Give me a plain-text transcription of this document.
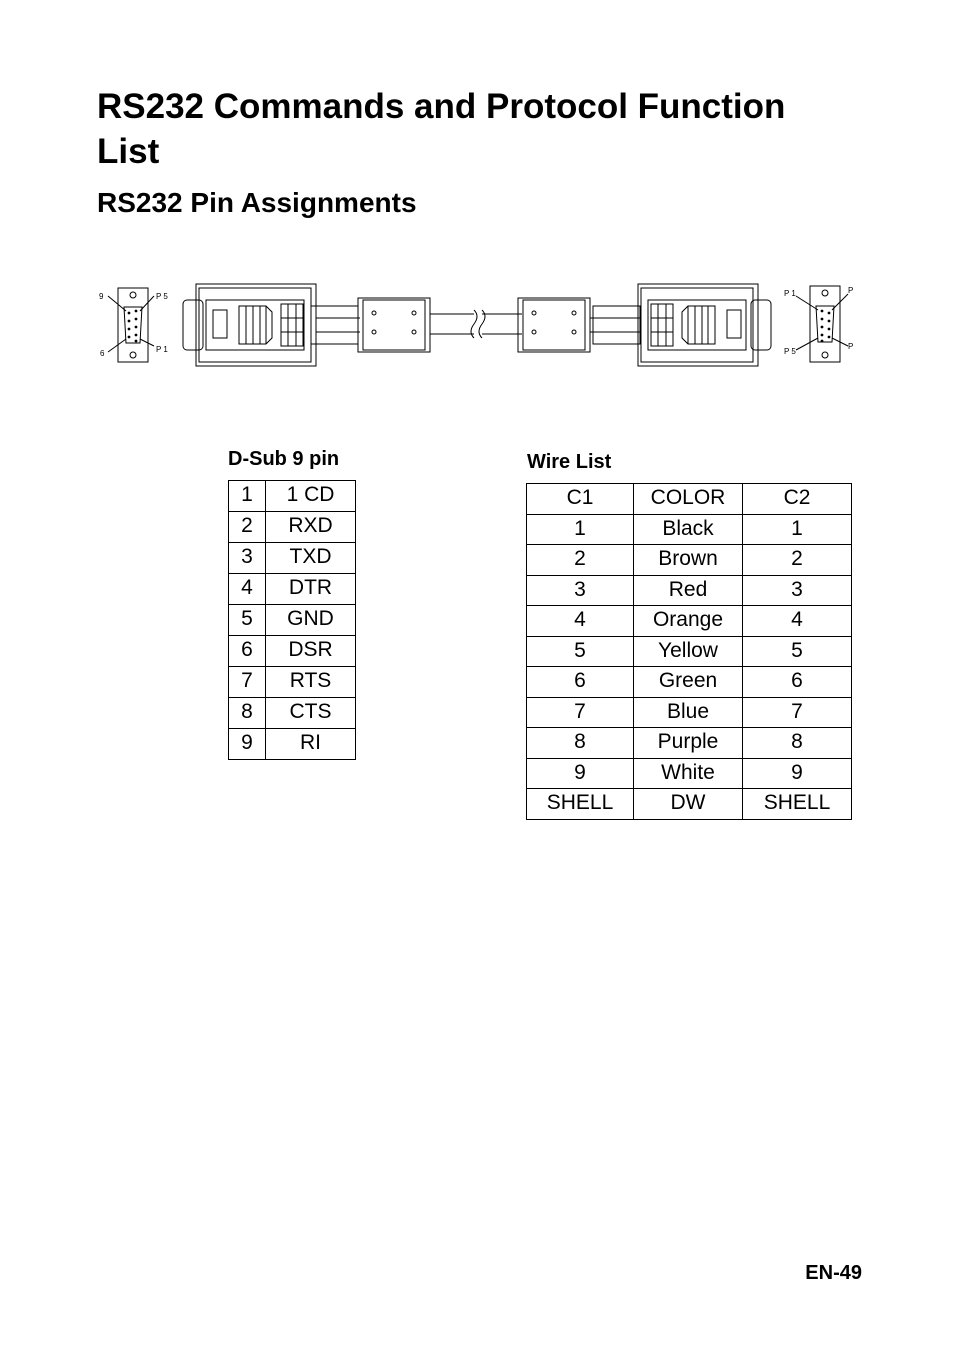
RS232 Commands and Protocol Function List
RS232 Pin Assignments
9
6
P 5
P 1
P 1
P 5
P
P
D-Sub 9 pin
1	1 CD
2	RXD
3	TXD
4	DTR
5	GND
6	DSR
7	RTS
8	CTS
9	RI
Wire List
C1	COLOR	C2
1	Black	1
2	Brown	2
3	Red	3
4	Orange	4
5	Yellow	5
6	Green	6
7	Blue	7
8	Purple	8
9	White	9
SHELL	DW	SHELL
EN-49
